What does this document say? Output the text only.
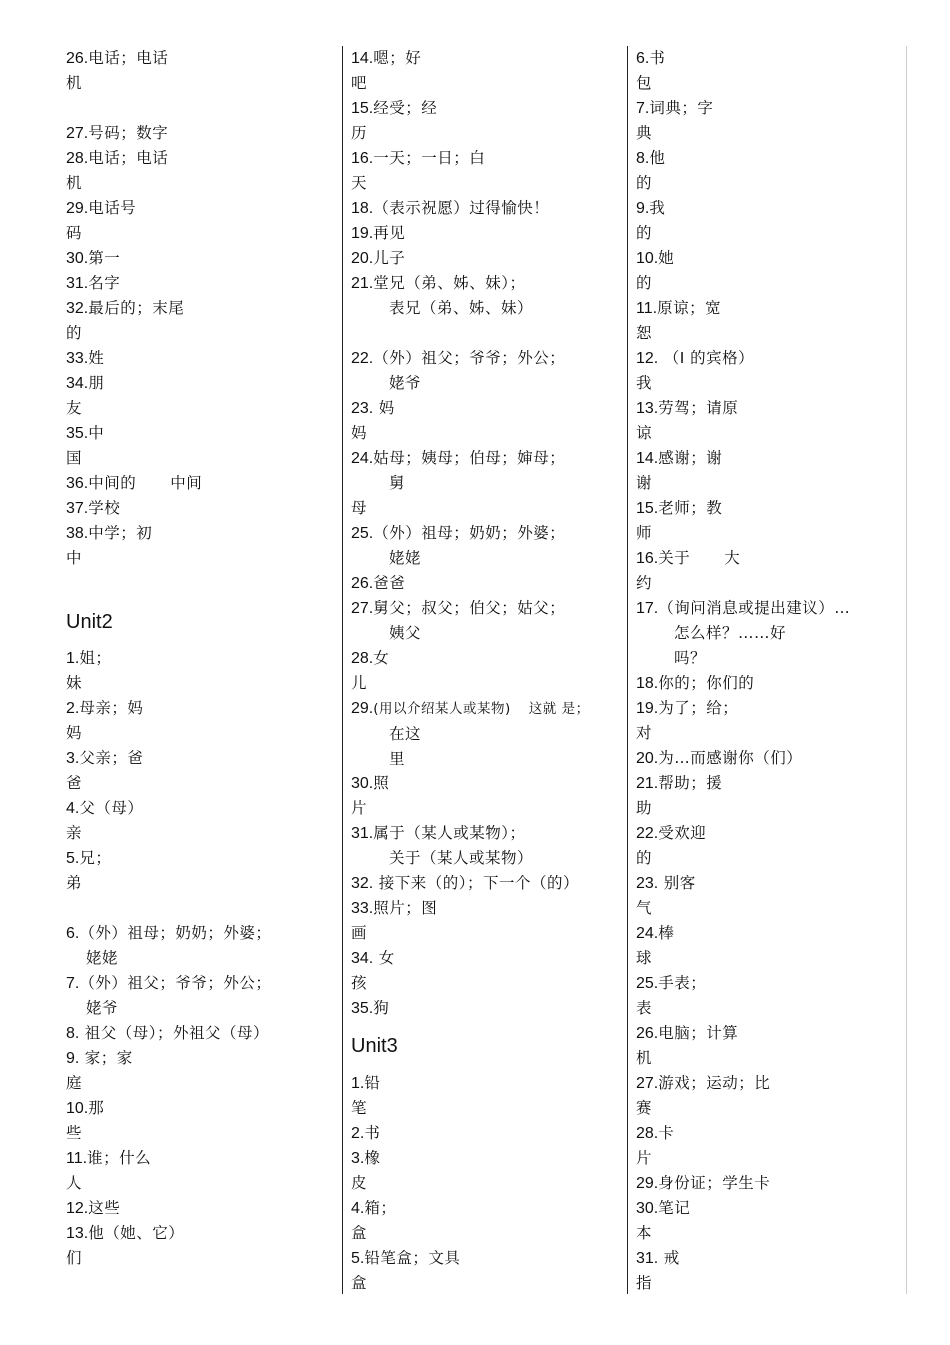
26.电话；电话
机
27.号码；数字
28.电话；电话
机
29.电话号
码
30.第一
31.名字
32.最后的；末尾
的
33.姓
34.朋
友
35.中
国
36.中间的 中间
37.学校
38.中学；初
中
Unit2
1.姐；
妹
2.母亲；妈
妈
3.父亲；爸
爸
4.父（母）
亲
5.兄；
弟
6.（外）祖母；奶奶；外婆；
姥姥
7.（外）祖父；爷爷；外公；
姥爷
8. 祖父（母）；外祖父（母）
9. 家；家
庭
10.那
些
11.谁；什么
人
12.这些
13.他（她、它）
们
14.嗯；好
吧
15.经受；经
历
16.一天；一日；白
天
18.（表示祝愿）过得愉快！
19.再见
20.儿子
21.堂兄（弟、姊、妹）；
表兄（弟、姊、妹）
22.（外）祖父；爷爷；外公；
姥爷
23. 妈
妈
24.姑母；姨母；伯母；婶母；
舅
母
25.（外）祖母；奶奶；外婆；
姥姥
26.爸爸
27.舅父；叔父；伯父；姑父；
姨父
28.女
儿
29.(用以介绍某人或某物) 这就 是；
在这
里
30.照
片
31.属于（某人或某物）；
关于（某人或某物）
32. 接下来（的）；下一个（的）
33.照片；图
画
34. 女
孩
35.狗
Unit3
1.铅
笔
2.书
3.橡
皮
4.箱；
盒
5.铅笔盒；文具
盒
6.书
包
7.词典；字
典
8.他
的
9.我
的
10.她
的
11.原谅；宽
恕
12. （I 的宾格）
我
13.劳驾；请原
谅
14.感谢；谢
谢
15.老师；教
师
16.关于 大
约
17.（询问消息或提出建议）…
怎么样？……好
吗？
18.你的；你们的
19.为了；给；
对
20.为…而感谢你（们）
21.帮助；援
助
22.受欢迎
的
23. 别客
气
24.棒
球
25.手表；
表
26.电脑；计算
机
27.游戏；运动；比
赛
28.卡
片
29.身份证；学生卡
30.笔记
本
31. 戒
指
